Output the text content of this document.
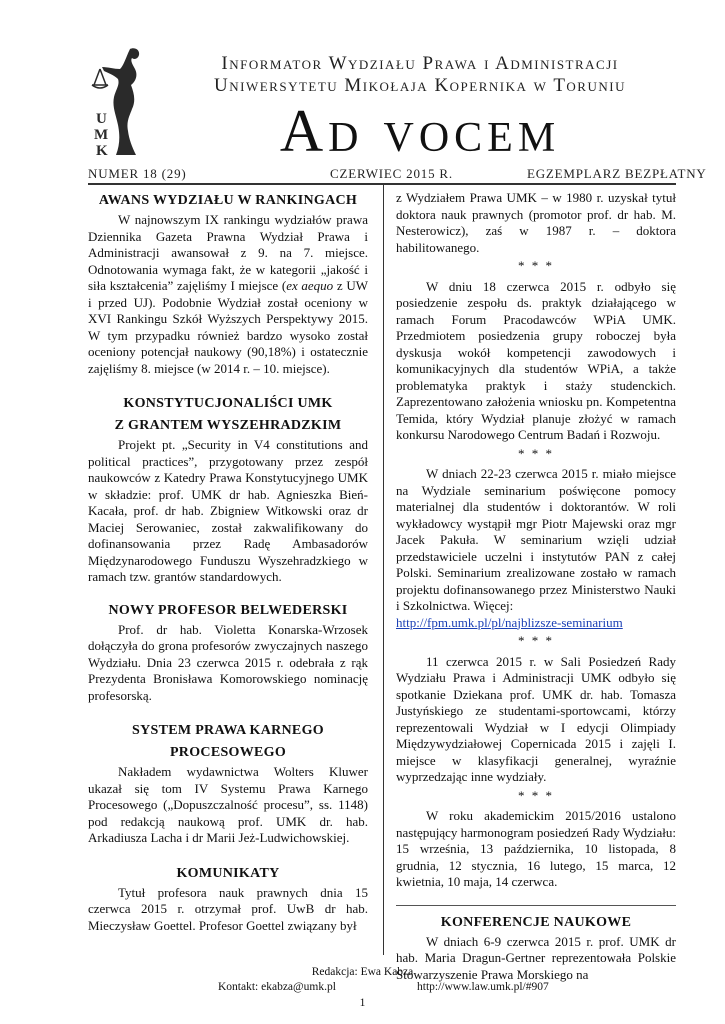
U
M
K
Informator Wydziału Prawa i Administracji
Uniwersytetu Mikołaja Kopernika w Toruniu
Ad vocem
NUMER 18 (29)	CZERWIEC 2015 R.	EGZEMPLARZ BEZPŁATNY
AWANS WYDZIAŁU W RANKINGACH

W najnowszym IX rankingu wydziałów prawa Dziennika Gazeta Prawna Wydział Prawa i Administracji awansował z 9. na 7. miejsce. Odnotowania wymaga fakt, że w kategorii „jakość i siła kształcenia” zajęliśmy I miejsce (ex aequo z UW i przed UJ). Podobnie Wydział został oceniony w XVI Rankingu Szkół Wyższych Perspektywy 2015. W tym przypadku również bardzo wysoko został oceniony potencjał naukowy (90,18%) i ostatecznie zajęliśmy 8. miejsce (w 2014 r. – 10. miejsce).

KONSTYTUCJONALIŚCI UMK
Z GRANTEM WYSZEHRADZKIM

Projekt pt. „Security in V4 constitutions and political practices”, przygotowany przez zespół naukowców z Katedry Prawa Konstytucyjnego UMK w składzie: prof. UMK dr hab. Agnieszka Bień-Kacała, prof. dr hab. Zbigniew Witkowski oraz dr Maciej Serowaniec, został zakwalifikowany do dofinansowania przez Radę Ambasadorów Międzynarodowego Funduszu Wyszehradzkiego w ramach tzw. grantów standardowych.

NOWY PROFESOR BELWEDERSKI

Prof. dr hab. Violetta Konarska-Wrzosek dołączyła do grona profesorów zwyczajnych naszego Wydziału. Dnia 23 czerwca 2015 r. odebrała z rąk Prezydenta Bronisława Komorowskiego nominację profesorską.

SYSTEM PRAWA KARNEGO
PROCESOWEGO

Nakładem wydawnictwa Wolters Kluwer ukazał się tom IV Systemu Prawa Karnego Procesowego („Dopuszczalność procesu”, ss. 1148) pod redakcją naukową prof. UMK dr. hab. Arkadiusza Lacha i dr Marii Jeż-Ludwichowskiej.

KOMUNIKATY

Tytuł profesora nauk prawnych dnia 15 czerwca 2015 r. otrzymał prof. UwB dr hab. Mieczysław Goettel. Profesor Goettel związany był

z Wydziałem Prawa UMK – w 1980 r. uzyskał tytuł doktora nauk prawnych (promotor prof. dr hab. M. Nesterowicz), zaś w 1987 r. – doktora habilitowanego.

* * *

W dniu 18 czerwca 2015 r. odbyło się posiedzenie zespołu ds. praktyk działającego w ramach Forum Pracodawców WPiA UMK. Przedmiotem posiedzenia grupy roboczej była dyskusja wokół kompetencji zawodowych i komunikacyjnych dla studentów WPiA, a także problematyka praktyk i staży studenckich. Zaprezentowano założenia wniosku pn. Kompetentna Temida, który Wydział planuje złożyć w ramach konkursu Narodowego Centrum Badań i Rozwoju.

* * *

W dniach 22-23 czerwca 2015 r. miało miejsce na Wydziale seminarium poświęcone pomocy materialnej dla studentów i doktorantów. W roli wykładowcy wystąpił mgr Piotr Majewski oraz mgr Jacek Pakuła. W seminarium wzięli udział przedstawiciele uczelni i instytutów PAN z całej Polski. Seminarium zrealizowane zostało w ramach projektu dofinansowanego przez Ministerstwo Nauki i Szkolnictwa. Więcej:
http://fpm.umk.pl/pl/najblizsze-seminarium

* * *

11 czerwca 2015 r. w Sali Posiedzeń Rady Wydziału Prawa i Administracji UMK odbyło się spotkanie Dziekana prof. UMK dr. hab. Tomasza Justyńskiego ze studentami-sportowcami, którzy reprezentowali Wydział w I edycji Olimpiady Międzywydziałowej Copernicada 2015 i zajęli I. miejsce w klasyfikacji generalnej, wyraźnie wyprzedzając inne wydziały.

* * *

W roku akademickim 2015/2016 ustalono następujący harmonogram posiedzeń Rady Wydziału: 15 września, 13 października, 10 listopada, 8 grudnia, 12 stycznia, 16 lutego, 15 marca, 12 kwietnia, 10 maja, 14 czerwca.

KONFERENCJE NAUKOWE

W dniach 6-9 czerwca 2015 r. prof. UMK dr hab. Maria Dragun-Gertner reprezentowała Polskie Stowarzyszenie Prawa Morskiego na

Redakcja: Ewa Kabza
Kontakt: ekabza@umk.pl	http://www.law.umk.pl/#907
1
